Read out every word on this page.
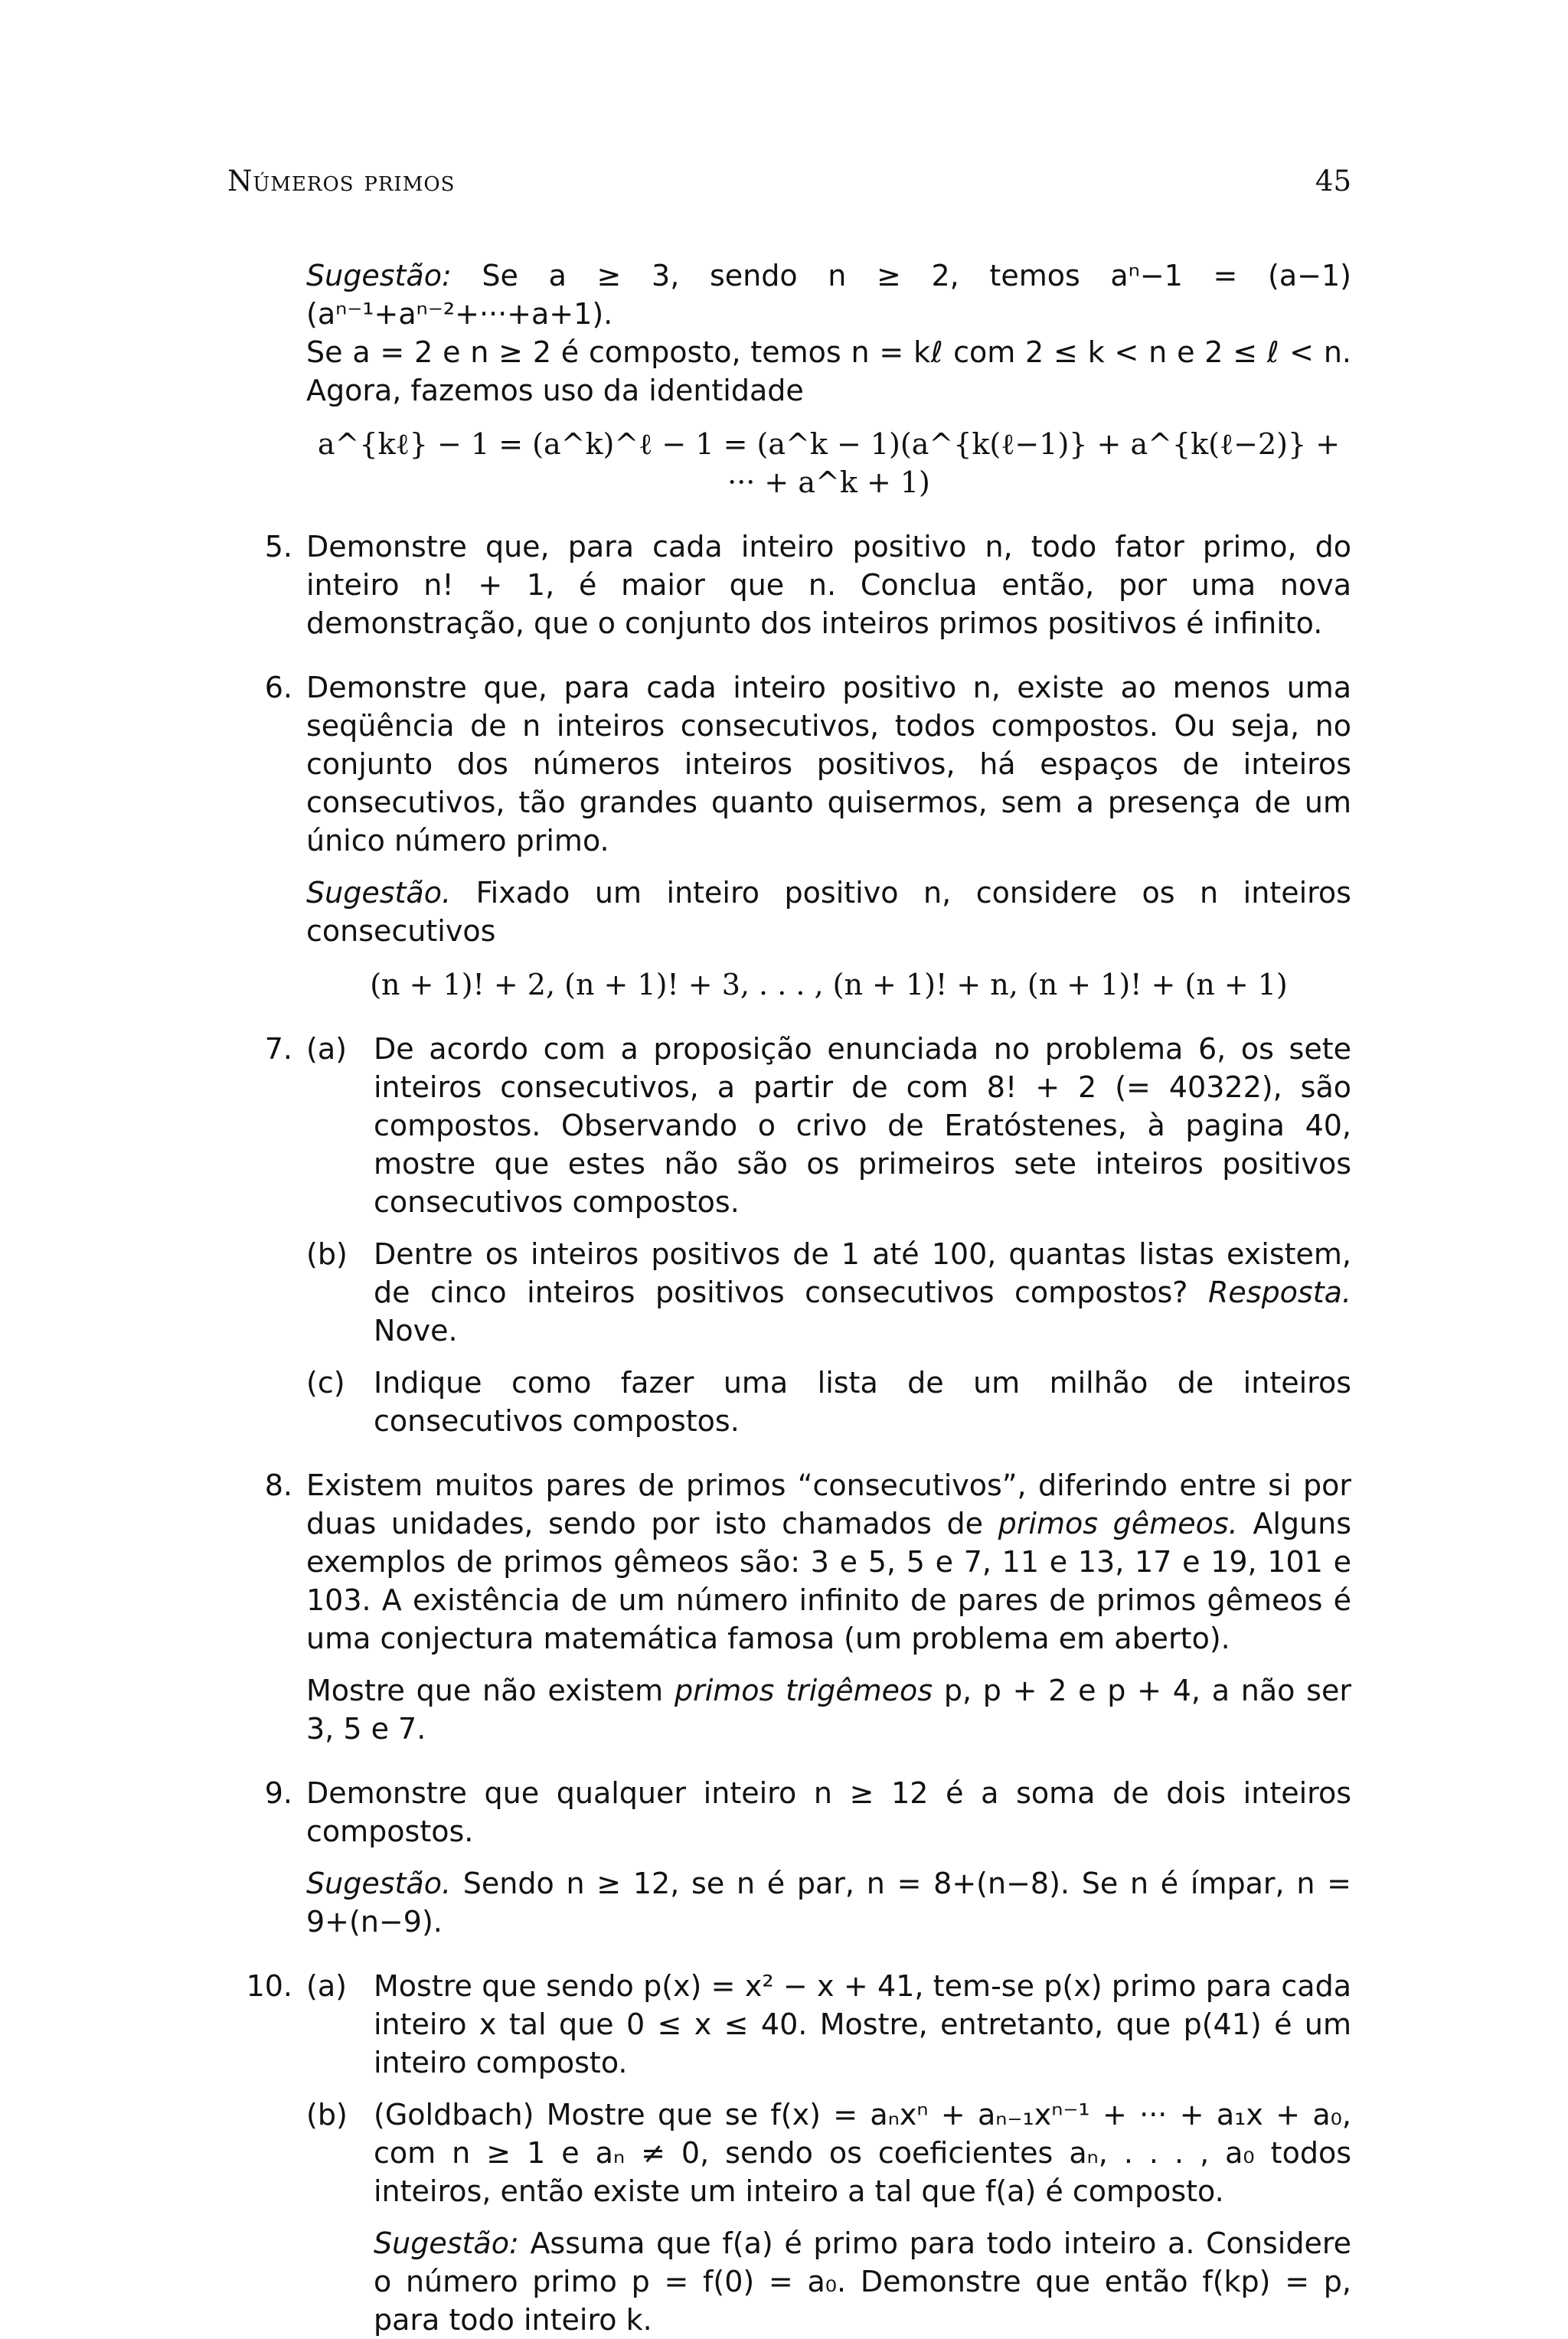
Números primos	45

Sugestão: Se a ≥ 3, sendo n ≥ 2, temos aⁿ−1 = (a−1)(aⁿ⁻¹+aⁿ⁻²+···+a+1).

Se a = 2 e n ≥ 2 é composto, temos n = kℓ com 2 ≤ k < n e 2 ≤ ℓ < n. Agora, fazemos uso da identidade

a^{kℓ} − 1 = (a^k)^ℓ − 1 = (a^k − 1)(a^{k(ℓ−1)} + a^{k(ℓ−2)} + ··· + a^k + 1)
5. Demonstre que, para cada inteiro positivo n, todo fator primo, do inteiro n! + 1, é maior que n. Conclua então, por uma nova demonstração, que o conjunto dos inteiros primos positivos é infinito.

6. Demonstre que, para cada inteiro positivo n, existe ao menos uma seqüência de n inteiros consecutivos, todos compostos. Ou seja, no conjunto dos números inteiros positivos, há espaços de inteiros consecutivos, tão grandes quanto quisermos, sem a presença de um único número primo.

Sugestão. Fixado um inteiro positivo n, considere os n inteiros consecutivos

(n + 1)! + 2, (n + 1)! + 3, . . . , (n + 1)! + n, (n + 1)! + (n + 1)
7. (a) De acordo com a proposição enunciada no problema 6, os sete inteiros consecutivos, a partir de com 8! + 2 (= 40322), são compostos. Observando o crivo de Eratóstenes, à pagina 40, mostre que estes não são os primeiros sete inteiros positivos consecutivos compostos.

(b) Dentre os inteiros positivos de 1 até 100, quantas listas existem, de cinco inteiros positivos consecutivos compostos? Resposta. Nove.

(c) Indique como fazer uma lista de um milhão de inteiros consecutivos compostos.

8. Existem muitos pares de primos “consecutivos”, diferindo entre si por duas unidades, sendo por isto chamados de primos gêmeos. Alguns exemplos de primos gêmeos são: 3 e 5, 5 e 7, 11 e 13, 17 e 19, 101 e 103. A existência de um número infinito de pares de primos gêmeos é uma conjectura matemática famosa (um problema em aberto).

Mostre que não existem primos trigêmeos p, p + 2 e p + 4, a não ser 3, 5 e 7.

9. Demonstre que qualquer inteiro n ≥ 12 é a soma de dois inteiros compostos.

Sugestão. Sendo n ≥ 12, se n é par, n = 8+(n−8). Se n é ímpar, n = 9+(n−9).

10. (a) Mostre que sendo p(x) = x² − x + 41, tem-se p(x) primo para cada inteiro x tal que 0 ≤ x ≤ 40. Mostre, entretanto, que p(41) é um inteiro composto.

(b) (Goldbach) Mostre que se f(x) = aₙxⁿ + aₙ₋₁xⁿ⁻¹ + ··· + a₁x + a₀, com n ≥ 1 e aₙ ≠ 0, sendo os coeficientes aₙ, . . . , a₀ todos inteiros, então existe um inteiro a tal que f(a) é composto.

Sugestão: Assuma que f(a) é primo para todo inteiro a. Considere o número primo p = f(0) = a₀. Demonstre que então f(kp) = p, para todo inteiro k.
